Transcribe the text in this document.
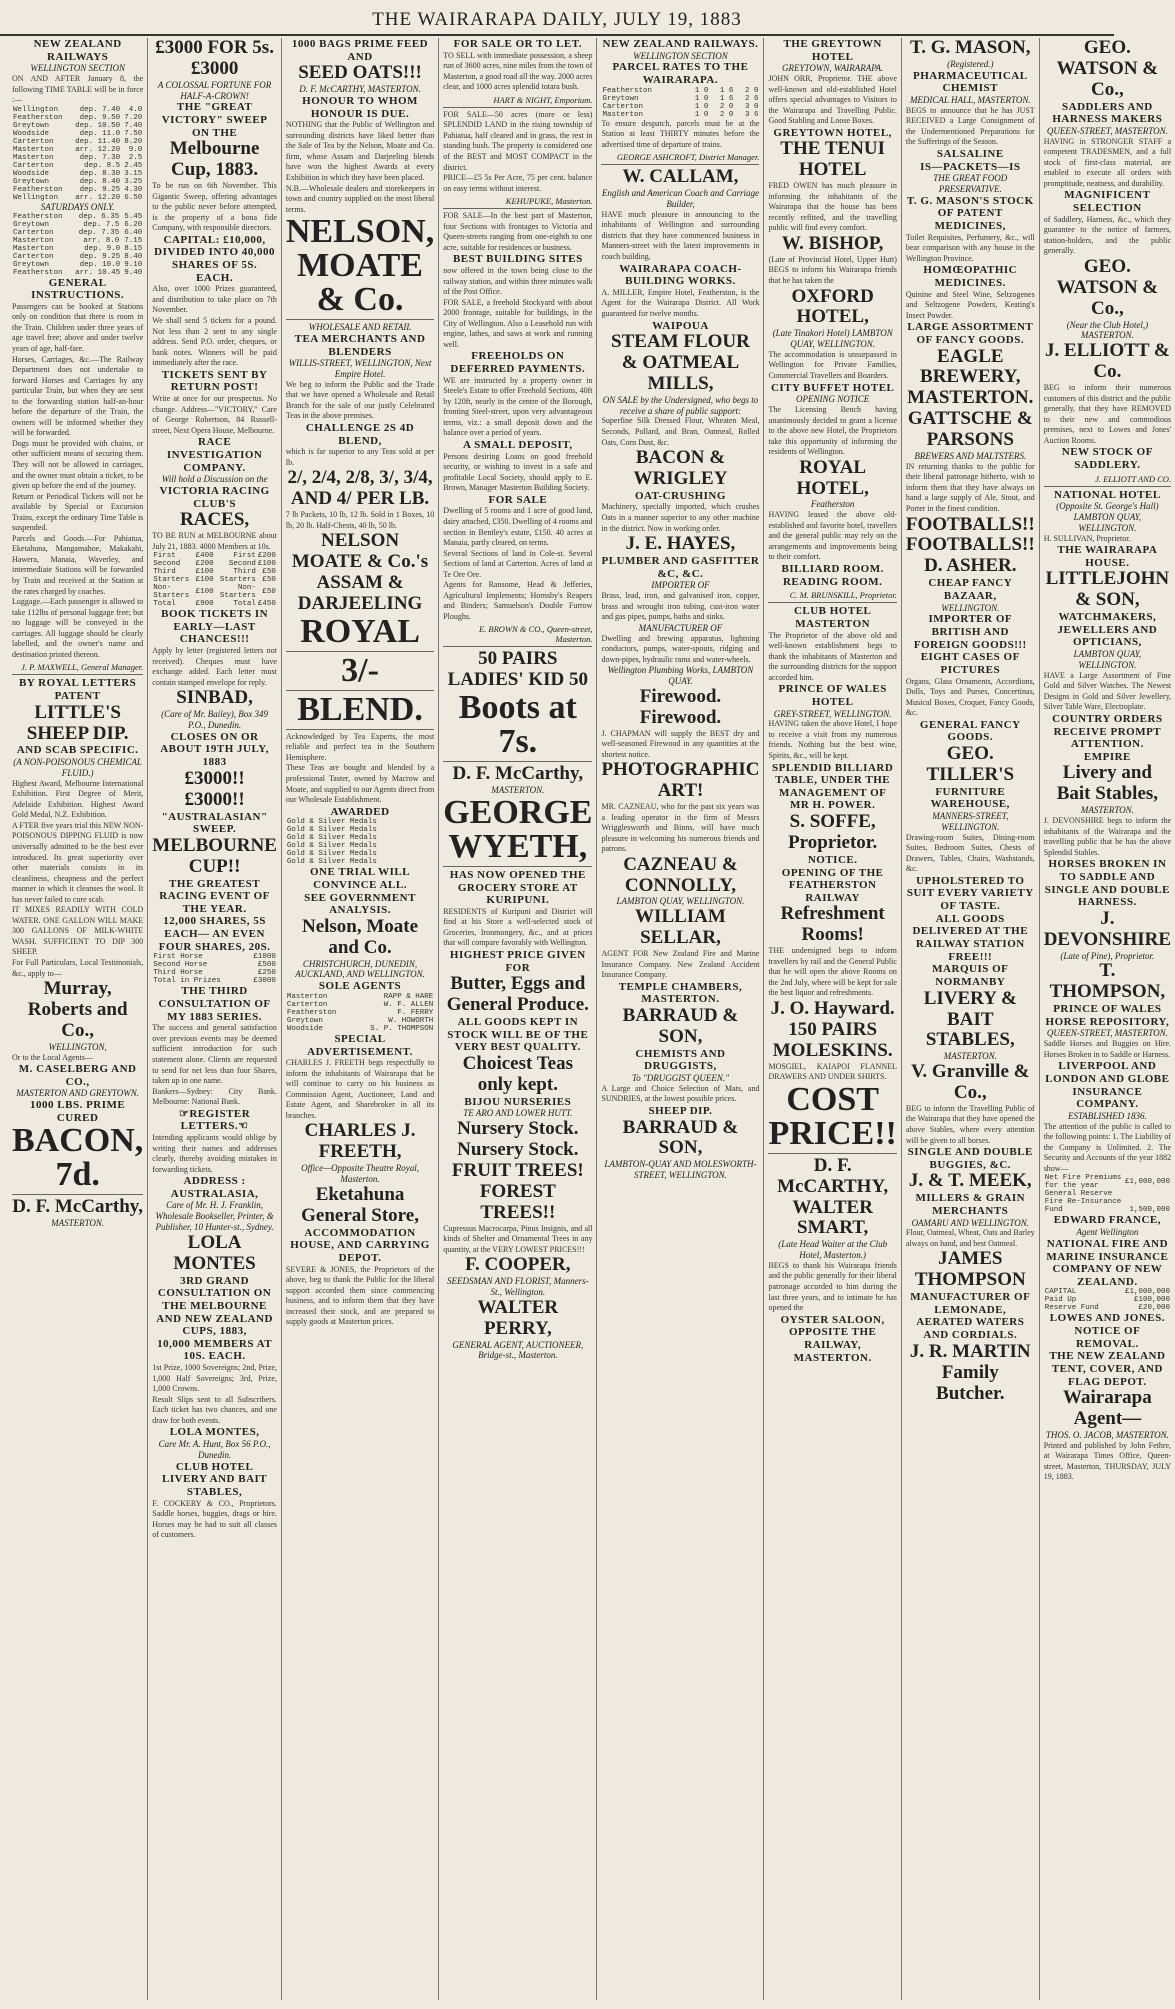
THE WAIRARAPA DAILY, JULY 19, 1883
NEW ZEALAND RAILWAYS
WELLINGTON SECTION
ON AND AFTER January 8, the following TIME TABLE will be in force :—
Wellington	dep. 7.40	4.0
Featherston	dep. 9.50	7.20
Greytown	dep. 10.50	7.40
Woodside	dep. 11.0	7.50
Carterton	dep. 11.40	8.20
Masterton	arr. 12.20	9.0
Masterton	dep. 7.30	2.5
Carterton	dep. 8.5	2.45
Woodside	dep. 8.30	3.15
Greytown	dep. 8.40	3.25
Featherston	dep. 9.25	4.30
Wellington	arr. 12.20	6.50
SATURDAYS ONLY.
Featherston	dep. 6.35	5.45
Greytown	dep. 7.5	6.20
Carterton	dep. 7.35	6.40
Masterton	arr. 8.0	7.15
Masterton	dep. 9.0	8.15
Carterton	dep. 9.25	8.40
Greytown	dep. 10.0	9.10
Featherston	arr. 10.45	9.40
GENERAL INSTRUCTIONS.
Passengers can be booked at Stations only on condition that there is room in the Train. Children under three years of age travel free; above and under twelve years of age, half-fare.
Horses, Carriages, &c.—The Railway Department does not undertake to forward Horses and Carriages by any particular Train, but when they are sent to the forwarding station half-an-hour before the departure of the Train, the owners will be informed whether they will be forwarded.
Dogs must be provided with chains, or other sufficient means of securing them. They will not be allowed in carriages, and the owner must obtain a ticket, to be given up before the end of the journey.
Return or Periodical Tickets will not be available by Special or Excursion Trains, except the ordinary Time Table is suspended.
Parcels and Goods.—For Pahiatua, Eketahuna, Mangamahoe, Makakahi, Hawera, Manaia, Waverley, and intermediate Stations will be forwarded by Train and received at the Station at the rates charged by coaches.
Luggage.—Each passenger is allowed to take 112lbs of personal luggage free; but no luggage will be conveyed in the carriages. All luggage should be clearly labelled, and the owner's name and destination printed thereon.
J. P. MAXWELL, General Manager.
BY ROYAL LETTERS PATENT
LITTLE'S SHEEP DIP.
AND SCAB SPECIFIC.
(A NON-POISONOUS CHEMICAL FLUID.)
Highest Award, Melbourne International Exhibition. First Degree of Merit, Adelaide Exhibition. Highest Award Gold Medal, N.Z. Exhibition.
A FTER five years trial this NEW NON-POISONOUS DIPPING FLUID is now universally admitted to be the best ever introduced. Its great superiority over other materials consists in its cleanliness, cheapness and the perfect manner in which it cleanses the wool. It has never failed to cure scab.
IT MIXES READILY WITH COLD WATER. ONE GALLON WILL MAKE 300 GALLONS OF MILK-WHITE WASH. SUFFICIENT TO DIP 300 SHEEP.
For Full Particulars, Local Testimonials, &c., apply to—
Murray, Roberts and Co.,
WELLINGTON,
Or to the Local Agents—
M. CASELBERG AND CO.,
MASTERTON AND GREYTOWN.
1000 LBS. PRIME CURED
BACON, 7d.
D. F. McCarthy,
MASTERTON.
£3000 FOR 5s. £3000
A COLOSSAL FORTUNE FOR HALF-A-CROWN!
THE "GREAT VICTORY" SWEEP ON THE
Melbourne Cup, 1883.
To be run on 6th November. This Gigantic Sweep, offering advantages to the public never before attempted, is the property of a bona fide Company, with responsible directors.
CAPITAL: £10,000, DIVIDED INTO 40,000 SHARES OF 5S. EACH.
Also, over 1000 Prizes guaranteed, and distribution to take place on 7th November.
We shall send 5 tickets for a pound. Not less than 2 sent to any single address. Send P.O. order, cheques, or bank notes. Winners will be paid immediately after the race.
TICKETS SENT BY RETURN POST!
Write at once for our prospectus. No change. Address—"VICTORY," Care of George Robertson, 84 Russell-street, Next Opera House, Melbourne.
RACE INVESTIGATION COMPANY.
Will hold a Discussion on the
VICTORIA RACING CLUB'S
RACES,
TO BE RUN at MELBOURNE about July 21, 1883. 4000 Members at 10s.
First	£400	First	£200
Second	£200	Second	£100
Third	£100	Third	£50
Starters	£100	Starters	£50
Non-Starters	£100	Non-Starters	£50
Total	£900	Total	£450
BOOK TICKETS IN EARLY—LAST CHANCES!!!
Apply by letter (registered letters not received). Cheques must have exchange added. Each letter must contain stamped envelope for reply.
SINBAD,
(Care of Mr. Bailey), Box 349 P.O., Dunedin.
CLOSES ON OR ABOUT 19TH JULY, 1883
£3000!! £3000!!
"AUSTRALASIAN" SWEEP.
MELBOURNE CUP!!
THE GREATEST RACING EVENT OF THE YEAR.
12,000 SHARES, 5S EACH— AN EVEN FOUR SHARES, 20S.
First Horse	£1000
Second Horse	£500
Third Horse	£250
Total in Prizes	£3000
THE THIRD CONSULTATION OF MY 1883 SERIES.
The success and general satisfaction over previous events may be deemed sufficient introduction for such statement alone. Clients are requested to send for net less than four Shares, taken up in one name.
Bankers—Sydney: City Bank. Melbourne: National Bank.
☞REGISTER LETTERS.☜
Intending applicants would oblige by writing their names and addresses clearly, thereby avoiding mistakes in forwarding tickets.
ADDRESS : AUSTRALASIA,
Care of Mr. H. J. Franklin, Wholesale Bookseller, Printer, & Publisher, 10 Hunter-st., Sydney.
LOLA MONTES
3RD GRAND CONSULTATION ON THE MELBOURNE AND NEW ZEALAND CUPS, 1883,
10,000 MEMBERS AT 10S. EACH.
1st Prize, 1000 Sovereigns; 2nd, Prize, 1,000 Half Sovereigns; 3rd, Prize, 1,000 Crowns.
Result Slips sent to all Subscribers. Each ticket has two chances, and one draw for both events.
LOLA MONTES,
Care Mr. A. Hunt, Box 56 P.O., Dunedin.
CLUB HOTEL LIVERY AND BAIT STABLES,
F. COCKERY & CO., Proprietors. Saddle horses, buggies, drags or hire. Horses may be had to suit all classes of customers.
1000 BAGS PRIME FEED AND
SEED OATS!!!
D. F. McCARTHY, MASTERTON.
HONOUR TO WHOM HONOUR IS DUE.
NOTHING that the Public of Wellington and surrounding districts have liked better than the Sale of Tea by the Nelson, Moate and Co. firm, whose Assam and Darjeeling blends have won the highest Awards at every Exhibition in which they have been placed.
N.B.—Wholesale dealers and storekeepers in town and country supplied on the most liberal terms.
NELSON, MOATE & Co.
WHOLESALE AND RETAIL
TEA MERCHANTS AND BLENDERS
WILLIS-STREET, WELLINGTON, Next Empire Hotel.
We beg to inform the Public and the Trade that we have opened a Wholesale and Retail Branch for the sale of our justly Celebrated Teas in the above premises.
CHALLENGE 2S 4D BLEND,
which is far superior to any Teas sold at per lb.
2/, 2/4, 2/8, 3/, 3/4, AND 4/ PER LB.
7 lb Packets, 10 lb, 12 lb. Sold in 1 Boxes, 10 lb, 20 lb. Half-Chests, 40 lb, 50 lb.
NELSON MOATE & Co.'s ASSAM & DARJEELING
ROYAL
3/-
BLEND.
Acknowledged by Tea Experts, the most reliable and perfect tea in the Southern Hemisphere.
These Teas are bought and blended by a professional Taster, owned by Macrow and Moate, and supplied to our Agents direct from our Wholesale Establishment.
AWARDED
Gold & Silver Medals	
Gold & Silver Medals	
Gold & Silver Medals	
Gold & Silver Medals	
Gold & Silver Medals	
Gold & Silver Medals	
ONE TRIAL WILL CONVINCE ALL.
SEE GOVERNMENT ANALYSIS.
Nelson, Moate and Co.
CHRISTCHURCH, DUNEDIN, AUCKLAND, AND WELLINGTON.
SOLE AGENTS
Masterton	RAPP & HARE
Carterton	W. F. ALLEN
Featherston	F. FERRY
Greytown	W. HOWORTH
Woodside	S. P. THOMPSON
SPECIAL ADVERTISEMENT.
CHARLES J. FREETH begs respectfully to inform the inhabitants of Wairarapa that he will continue to carry on his business as Commission Agent, Auctioneer, Land and Estate Agent, and Sharebroker in all its branches.
CHARLES J. FREETH,
Office—Opposite Theatre Royal, Masterton.
Eketahuna General Store,
ACCOMMODATION HOUSE, AND CARRYING DEPOT.
SEVERE & JONES, the Proprietors of the above, beg to thank the Public for the liberal support accorded them since commencing business, and to inform them that they have increased their stock, and are prepared to supply goods at Masterton prices.
FOR SALE OR TO LET.
TO SELL with immediate possession, a sheep run of 3600 acres, nine miles from the town of Masterton, a good road all the way. 2000 acres clear, and 1000 acres splendid totara bush.
HART & NIGHT, Emporium.
FOR SALE—50 acres (more or less) SPLENDID LAND in the rising township of Pahiatua, half cleared and in grass, the rest in standing bush. The property is considered one of the BEST and MOST COMPACT in the district.
PRICE—£5 5s Per Acre, 75 per cent. balance on easy terms without interest.
KEHUPUKE, Masterton.
FOR SALE—In the best part of Masterton, four Sections with frontages to Victoria and Queen-streets ranging from one-eighth to one acre, suitable for residences or business.
BEST BUILDING SITES
now offered in the town being close to the railway station, and within three minutes walk of the Post Office.
FOR SALE, a freehold Stockyard with about 2000 frontage, suitable for buildings, in the City of Wellington. Also a Leasehold run with engine, lathes, and saws at work and running well.
FREEHOLDS ON DEFERRED PAYMENTS.
WE are instructed by a property owner in Steele's Estate to offer Freehold Sections, 40ft by 120ft, nearly in the centre of the Borough, fronting Steel-street, upon very advantageous terms, viz.: a small deposit down and the balance over a period of years.
A SMALL DEPOSIT,
Persons desiring Loans on good freehold security, or wishing to invest in a safe and profitable Local Society, should apply to E. Brown, Manager Masterton Building Society.
FOR SALE
Dwelling of 5 rooms and 1 acre of good land, dairy attached, £350. Dwelling of 4 rooms and section in Bentley's estate, £150. 40 acres at Manaia, partly cleared, on terms.
Several Sections of land in Cole-st. Several Sections of land at Carterton. Acres of land at Te Ore Ore.
Agents for Ransome, Head & Jefferies, Agricultural Implements; Hornsby's Reapers and Binders; Samuelson's Double Furrow Ploughs.
E. BROWN & CO., Queen-street, Masterton.
50 PAIRS LADIES' KID 50
Boots at 7s.
D. F. McCarthy,
MASTERTON.
GEORGE WYETH,
HAS NOW OPENED THE GROCERY STORE AT KURIPUNI.
RESIDENTS of Kuripuni and District will find at his Store a well-selected stock of Groceries, Ironmongery, &c., and at prices that will compare favorably with Wellington.
HIGHEST PRICE GIVEN FOR
Butter, Eggs and General Produce.
ALL GOODS KEPT IN STOCK WILL BE OF THE VERY BEST QUALITY.
Choicest Teas only kept.
BIJOU NURSERIES
TE ARO AND LOWER HUTT.
Nursery Stock. Nursery Stock.
FRUIT TREES! FOREST TREES!!
Cupressus Macrocarpa, Pinus Insignis, and all kinds of Shelter and Ornamental Trees in any quantity, at the VERY LOWEST PRICES!!!
F. COOPER,
SEEDSMAN AND FLORIST, Manners-St., Wellington.
WALTER PERRY,
GENERAL AGENT, AUCTIONEER, Bridge-st., Masterton.
NEW ZEALAND RAILWAYS.
WELLINGTON SECTION
PARCEL RATES TO THE WAIRARAPA.
Featherston	1 0	1 6	2 0
Greytown	1 0	1 6	2 6
Carterton	1 0	2 0	3 0
Masterton	1 0	2 0	3 6
To ensure despatch, parcels must be at the Station at least THIRTY minutes before the advertised time of departure of trains.
GEORGE ASHCROFT, District Manager.
W. CALLAM,
English and American Coach and Carriage Builder,
HAVE much pleasure in announcing to the inhabitants of Wellington and surrounding districts that they have commenced business in Manners-street with the latest improvements in coach building.
WAIRARAPA COACH-BUILDING WORKS.
A. MILLER, Empire Hotel, Featherston, is the Agent for the Wairarapa District. All Work guaranteed for twelve months.
WAIPOUA
STEAM FLOUR & OATMEAL MILLS,
ON SALE by the Undersigned, who begs to receive a share of public support:
Superfine Silk Dressed Flour, Wheaten Meal, Seconds, Pollard, and Bran, Oatmeal, Rolled Oats, Corn Dust, &c.
BACON & WRIGLEY
OAT-CRUSHING
Machinery, specially imported, which crushes Oats in a manner superior to any other machine in the district. Now in working order.
J. E. HAYES,
PLUMBER AND GASFITTER &C, &C.
IMPORTER OF
Brass, lead, iron, and galvanised iron, copper, brass and wrought iron tubing, cast-iron water and gas pipes, pumps, baths and sinks.
MANUFACTURER OF
Dwelling and brewing apparatus, lightning conductors, pumps, water-spouts, ridging and down-pipes, hydraulic rams and water-wheels.
Wellington Plumbing Works, LAMBTON QUAY.
Firewood. Firewood.
J. CHAPMAN will supply the BEST dry and well-seasoned Firewood in any quantities at the shortest notice.
PHOTOGRAPHIC ART!
MR. CAZNEAU, who for the past six years was a leading operator in the firm of Messrs Wrigglesworth and Binns, will have much pleasure in welcoming his numerous friends and patrons.
CAZNEAU & CONNOLLY,
LAMBTON QUAY, WELLINGTON.
WILLIAM SELLAR,
AGENT FOR New Zealand Fire and Marine Insurance Company. New Zealand Accident Insurance Company.
TEMPLE CHAMBERS, MASTERTON.
BARRAUD & SON,
CHEMISTS AND DRUGGISTS,
To "DRUGGIST QUEEN."
A Large and Choice Selection of Mats, and SUNDRIES, at the lowest possible prices.
SHEEP DIP.
BARRAUD & SON,
LAMBTON-QUAY AND MOLESWORTH-STREET, WELLINGTON.
THE GREYTOWN HOTEL
GREYTOWN, WAIRARAPA.
JOHN ORR, Proprietor. THE above well-known and old-established Hotel offers special advantages to Visitors to the Wairarapa and Travelling Public. Good Stabling and Loose Boxes.
GREYTOWN HOTEL,
THE TENUI HOTEL
FRED OWEN has much pleasure in informing the inhabitants of the Wairarapa that the house has been recently refitted, and the travelling public will find every comfort.
W. BISHOP,
(Late of Provincial Hotel, Upper Hutt) BEGS to inform his Wairarapa friends that he has taken the
OXFORD HOTEL,
(Late Tinakori Hotel) LAMBTON QUAY, WELLINGTON.
The accommodation is unsurpassed in Wellington for Private Families, Commercial Travellers and Boarders.
CITY BUFFET HOTEL
OPENING NOTICE
The Licensing Bench having unanimously decided to grant a license to the above new Hotel, the Proprietors take this opportunity of informing the residents of Wellington.
ROYAL HOTEL,
Featherston
HAVING leased the above old-established and favorite hotel, travellers and the general public may rely on the arrangements and improvements being to their comfort.
BILLIARD ROOM. READING ROOM.
C. M. BRUNSKILL, Proprietor.
CLUB HOTEL MASTERTON
The Proprietor of the above old and well-known establishment begs to thank the inhabitants of Masterton and the surrounding districts for the support accorded him.
PRINCE OF WALES HOTEL
GREY-STREET, WELLINGTON.
HAVING taken the above Hotel, I hope to receive a visit from my numerous friends. Nothing but the best wine, Spirits, &c., will be kept.
SPLENDID BILLIARD TABLE, UNDER THE MANAGEMENT OF MR H. POWER.
S. SOFFE, Proprietor.
NOTICE.
OPENING OF THE FEATHERSTON RAILWAY
Refreshment Rooms!
THE undersigned begs to inform travellers by rail and the General Public that he will open the above Rooms on the 2nd July, where will be kept for sale the best liquor and refreshments.
J. O. Hayward.
150 PAIRS MOLESKINS.
MOSGIEL, KAIAPOI FLANNEL DRAWERS AND UNDER SHIRTS.
COST PRICE!!
D. F. McCARTHY,
WALTER SMART,
(Late Head Waiter at the Club Hotel, Masterton.)
BEGS to thank his Wairarapa friends and the public generally for their liberal patronage accorded to him during the last three years, and to intimate he has opened the
OYSTER SALOON, OPPOSITE THE RAILWAY, MASTERTON.
T. G. MASON,
(Registered.)
PHARMACEUTICAL CHEMIST
MEDICAL HALL, MASTERTON.
BEGS to announce that he has JUST RECEIVED a Large Consignment of the Undermentioned Preparations for the Sufferings of the Season.
SALSALINE
IS—PACKETS—IS
THE GREAT FOOD PRESERVATIVE.
T. G. MASON'S STOCK OF PATENT MEDICINES,
Toilet Requisites, Perfumery, &c., will bear comparison with any house in the Wellington Province.
HOMŒOPATHIC MEDICINES.
Quinine and Steel Wine, Seltzogenes and Seltzogene Powders, Keating's Insect Powder.
LARGE ASSORTMENT OF FANCY GOODS.
EAGLE BREWERY, MASTERTON.
GATTSCHE & PARSONS
BREWERS AND MALTSTERS.
IN returning thanks to the public for their liberal patronage hitherto, wish to inform them that they have always on hand a large supply of Ale, Stout, and Porter in the finest condition.
FOOTBALLS!! FOOTBALLS!!
D. ASHER.
CHEAP FANCY BAZAAR,
WELLINGTON.
IMPORTER OF BRITISH AND FOREIGN GOODS!!!
EIGHT CASES OF PICTURES
Organs, Glass Ornaments, Accordions, Dolls, Toys and Purses, Concertinas, Musical Boxes, Croquet, Fancy Goods, &c.
GENERAL FANCY GOODS.
GEO. TILLER'S
FURNITURE WAREHOUSE,
MANNERS-STREET, WELLINGTON.
Drawing-room Suites, Dining-room Suites, Bedroom Suites, Chests of Drawers, Tables, Chairs, Washstands, &c.
UPHOLSTERED TO SUIT EVERY VARIETY OF TASTE.
ALL GOODS DELIVERED AT THE RAILWAY STATION FREE!!!
MARQUIS OF NORMANBY
LIVERY & BAIT STABLES,
MASTERTON.
V. Granville & Co.,
BEG to inform the Travelling Public of the Wairarapa that they have opened the above Stables, where every attention will be given to all horses.
SINGLE AND DOUBLE BUGGIES, &C.
J. & T. MEEK,
MILLERS & GRAIN MERCHANTS
OAMARU AND WELLINGTON.
Flour, Oatmeal, Wheat, Oats and Barley always on hand, and best Oatmeal.
JAMES THOMPSON
MANUFACTURER OF LEMONADE, AERATED WATERS AND CORDIALS.
J. R. MARTIN
Family Butcher.
GEO. WATSON & Co.,
SADDLERS AND HARNESS MAKERS
QUEEN-STREET, MASTERTON.
HAVING in STRONGER STAFF a competent TRADESMEN, and a full stock of first-class material, are enabled to execute all orders with promptitude, neatness, and durability.
MAGNIFICENT SELECTION
of Saddlery, Harness, &c., which they guarantee to the notice of farmers, station-holders, and the public generally.
GEO. WATSON & Co.,
(Near the Club Hotel,) MASTERTON.
J. ELLIOTT & Co.
BEG to inform their numerous customers of this district and the public generally, that they have REMOVED to their new and commodious premises, next to Lowes and Jones' Auction Rooms.
NEW STOCK OF SADDLERY.
J. ELLIOTT AND CO.
NATIONAL HOTEL
(Opposite St. George's Hall) LAMBTON QUAY, WELLINGTON.
H. SULLIVAN, Proprietor.
THE WAIRARAPA HOUSE.
LITTLEJOHN & SON,
WATCHMAKERS, JEWELLERS AND OPTICIANS,
LAMBTON QUAY, WELLINGTON.
HAVE a Large Assortment of Fine Gold and Silver Watches. The Newest Designs in Gold and Silver Jewellery, Silver Table Ware, Electroplate.
COUNTRY ORDERS RECEIVE PROMPT ATTENTION.
EMPIRE
Livery and Bait Stables,
MASTERTON.
J. DEVONSHIRE begs to inform the inhabitants of the Wairarapa and the travelling public that he has the above Splendid Stables.
HORSES BROKEN IN TO SADDLE AND SINGLE AND DOUBLE HARNESS.
J. DEVONSHIRE
(Late of Pine), Proprietor.
T. THOMPSON,
PRINCE OF WALES HORSE REPOSITORY,
QUEEN-STREET, MASTERTON.
Saddle Horses and Buggies on Hire. Horses Broken in to Saddle or Harness.
LIVERPOOL AND LONDON AND GLOBE INSURANCE COMPANY.
ESTABLISHED 1836.
The attention of the public is called to the following points: 1. The Liability of the Company is Unlimited. 2. The Security and Accounts of the year 1882 show—
Net Fire Premiums for the year	£1,000,000
General Reserve Fire Re-Insurance	
Fund	1,500,000
EDWARD FRANCE,
Agent Wellington
NATIONAL FIRE AND MARINE INSURANCE COMPANY OF NEW ZEALAND.
CAPITAL	£1,000,000
Paid Up	£100,000
Reserve Fund	£20,000
LOWES AND JONES.
NOTICE OF REMOVAL.
THE NEW ZEALAND TENT, COVER, AND FLAG DEPOT.
Wairarapa Agent—
THOS. O. JACOB, MASTERTON.
Printed and published by John Fethre, at Wairarapa Times Office, Queen-street, Masterton, THURSDAY, JULY 19, 1883.
